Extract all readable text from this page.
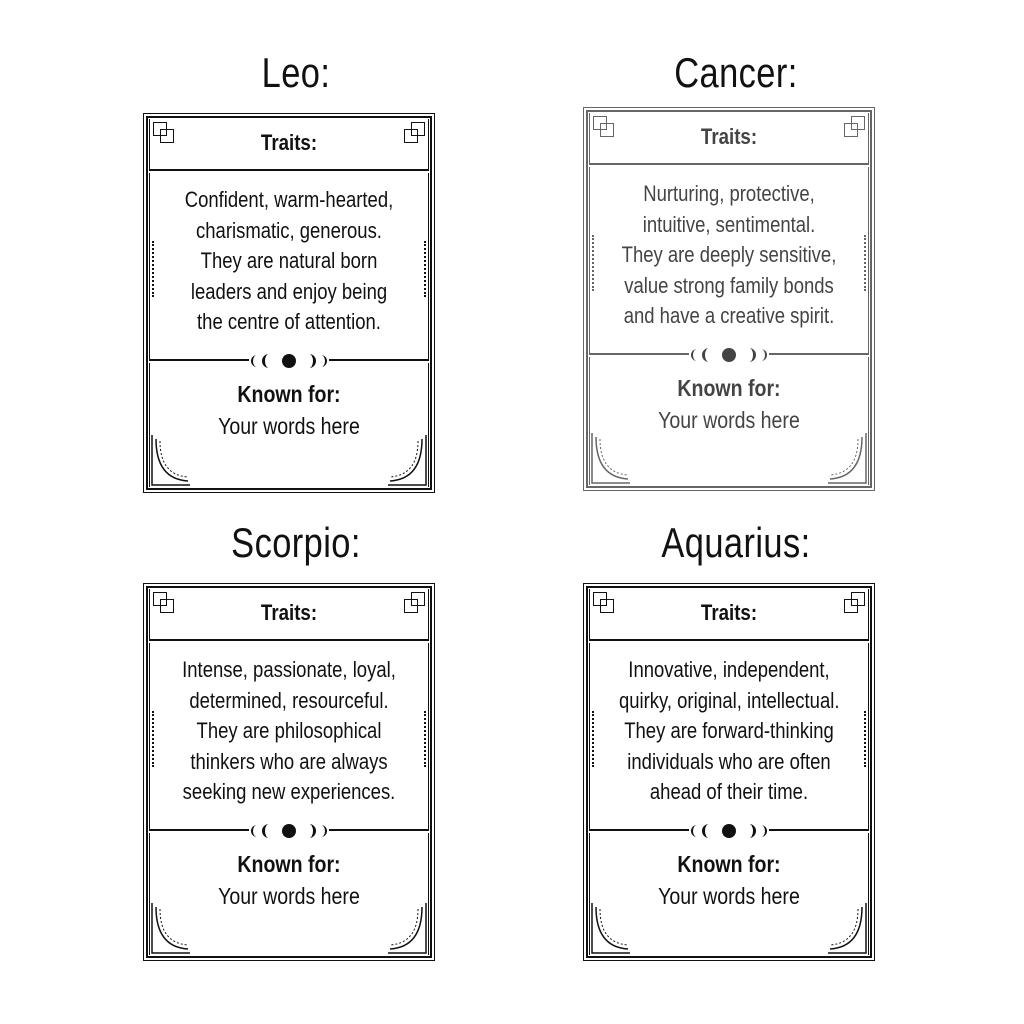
Leo:
Traits:
Confident, warm-hearted,
charismatic, generous.
They are natural born
leaders and enjoy being
the centre of attention.
Known for:
Your words here
Cancer:
Traits:
Nurturing, protective,
intuitive, sentimental.
They are deeply sensitive,
value strong family bonds
and have a creative spirit.
Known for:
Your words here
Scorpio:
Traits:
Intense, passionate, loyal,
determined, resourceful.
They are philosophical
thinkers who are always
seeking new experiences.
Known for:
Your words here
Aquarius:
Traits:
Innovative, independent,
quirky, original, intellectual.
They are forward-thinking
individuals who are often
ahead of their time.
Known for:
Your words here
